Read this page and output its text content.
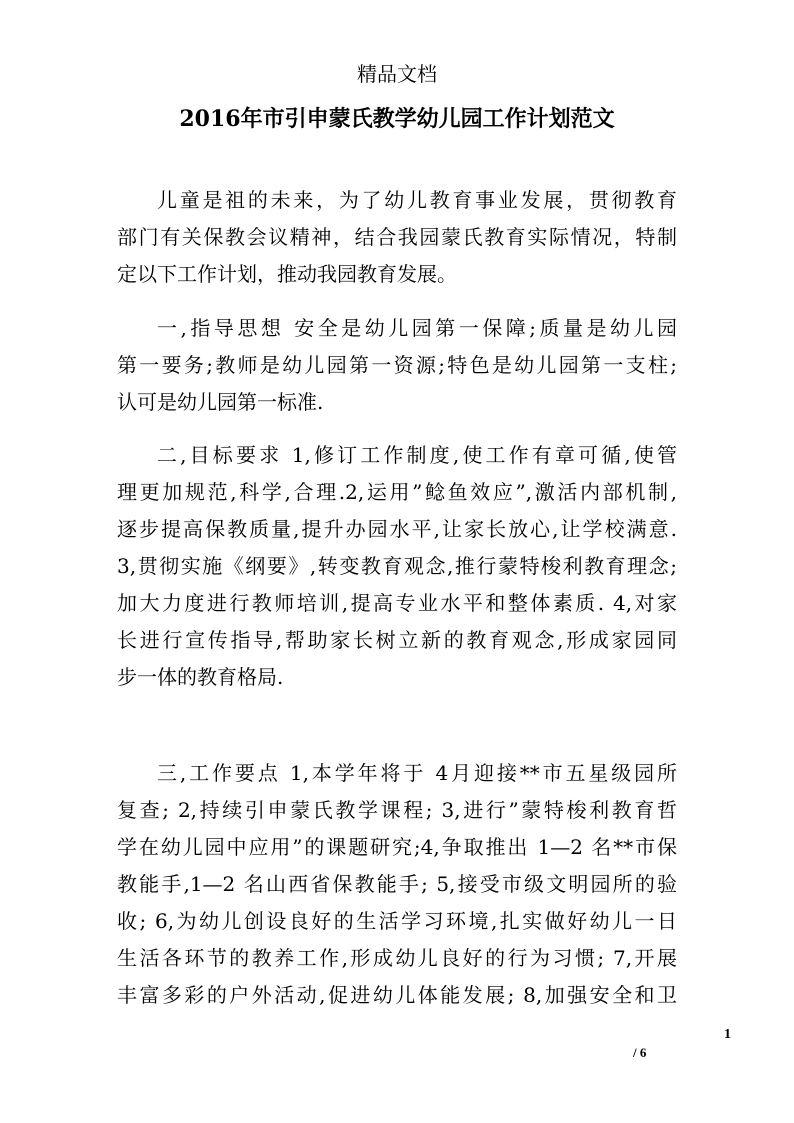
精品文档
2016年市引申蒙氏教学幼儿园工作计划范文
儿童是祖的未来，为了幼儿教育事业发展，贯彻教育
部门有关保教会议精神，结合我园蒙氏教育实际情况，特制
定以下工作计划，推动我园教育发展。
一,指导思想 安全是幼儿园第一保障;质量是幼儿园
第一要务;教师是幼儿园第一资源;特色是幼儿园第一支柱;
认可是幼儿园第一标准.
二,目标要求 1,修订工作制度,使工作有章可循,使管
理更加规范,科学,合理.2,运用”鲶鱼效应”,激活内部机制,
逐步提高保教质量,提升办园水平,让家长放心,让学校满意.
3,贯彻实施《纲要》,转变教育观念,推行蒙特梭利教育理念;
加大力度进行教师培训,提高专业水平和整体素质. 4,对家
长进行宣传指导,帮助家长树立新的教育观念,形成家园同
步一体的教育格局.
三,工作要点 1,本学年将于 4月迎接**市五星级园所
复查; 2,持续引申蒙氏教学课程; 3,进行”蒙特梭利教育哲
学在幼儿园中应用”的课题研究;4,争取推出 1—2 名**市保
教能手,1—2 名山西省保教能手; 5,接受市级文明园所的验
收; 6,为幼儿创设良好的生活学习环境,扎实做好幼儿一日
生活各环节的教养工作,形成幼儿良好的行为习惯; 7,开展
丰富多彩的户外活动,促进幼儿体能发展; 8,加强安全和卫
1
/ 6
